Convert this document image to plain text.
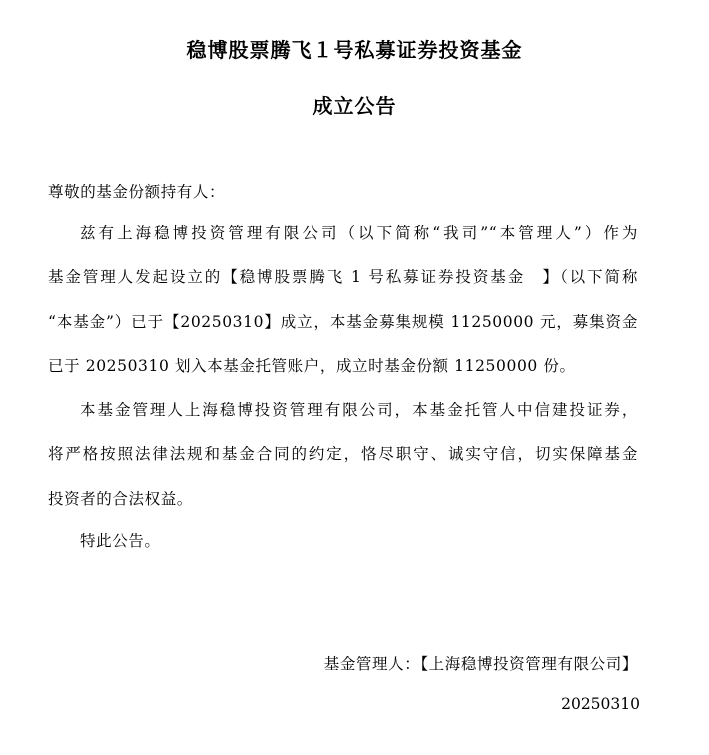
稳博股票腾飞１号私募证券投资基金
成立公告
尊敬的基金份额持有人：
兹有上海稳博投资管理有限公司（以下简称“我司”“本管理人”）作为
基金管理人发起设立的【稳博股票腾飞 1 号私募证券投资基金　】（以下简称
“本基金”）已于【20250310】成立，本基金募集规模 11250000 元，募集资金
已于 20250310 划入本基金托管账户，成立时基金份额 11250000 份。
本基金管理人上海稳博投资管理有限公司，本基金托管人中信建投证券，
将严格按照法律法规和基金合同的约定，恪尽职守、诚实守信，切实保障基金
投资者的合法权益。
特此公告。
基金管理人：【上海稳博投资管理有限公司】
20250310
